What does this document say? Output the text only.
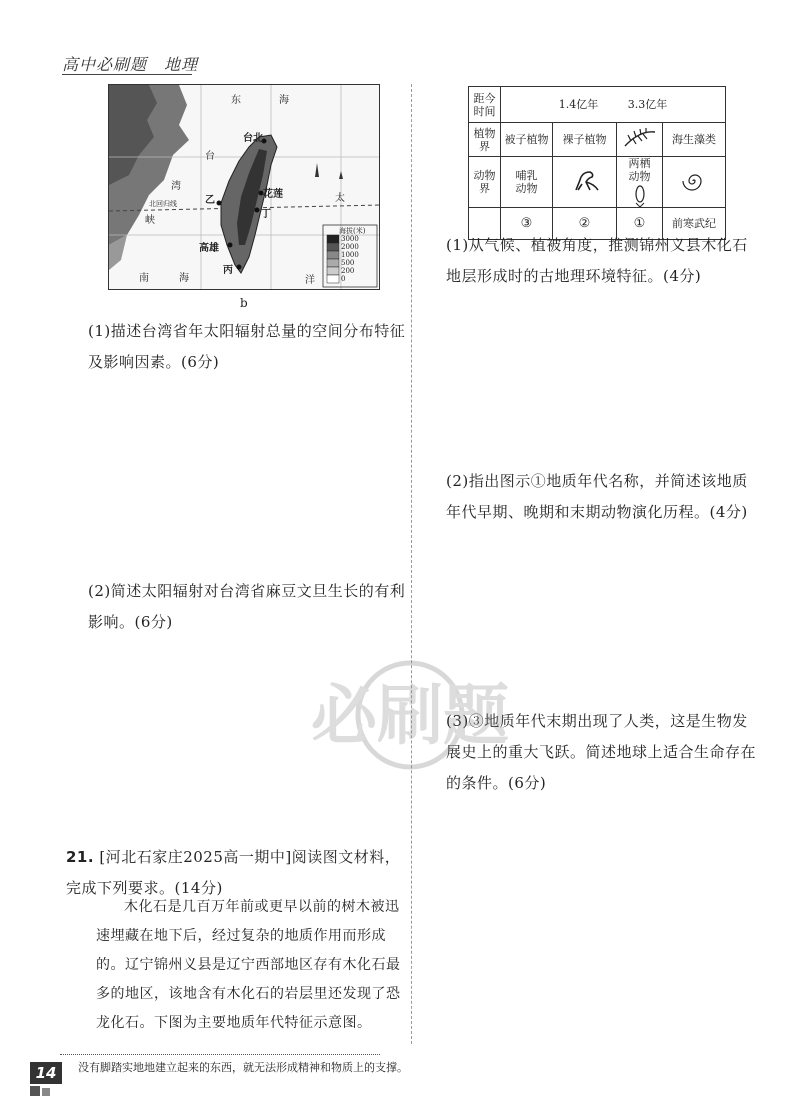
高中必刷题　地理
东	海
台
湾
峡
台北
花莲
高雄
乙
丙
丁
南	海
太
洋
北回归线
海拔(米)
3000
2000
1000
500
200
0
b
(1)描述台湾省年太阳辐射总量的空间分布特征及影响因素。(6分)
(2)简述太阳辐射对台湾省麻豆文旦生长的有利影响。(6分)
距今时间	1.4亿年 3.3亿年			
植物界	被子植物	裸子植物		海生藻类
动物界	哺乳动物		两栖动物	
	③	②	①	前寒武纪
(1)从气候、植被角度，推测锦州义县木化石地层形成时的古地理环境特征。(4分)
(2)指出图示①地质年代名称，并简述该地质年代早期、晚期和末期动物演化历程。(4分)
(3)③地质年代末期出现了人类，这是生物发展史上的重大飞跃。简述地球上适合生命存在的条件。(6分)
必刷题
21. [河北石家庄2025高一期中]阅读图文材料，完成下列要求。(14分)
木化石是几百万年前或更早以前的树木被迅速埋藏在地下后，经过复杂的地质作用而形成的。辽宁锦州义县是辽宁西部地区存有木化石最多的地区，该地含有木化石的岩层里还发现了恐龙化石。下图为主要地质年代特征示意图。
14	没有脚踏实地地建立起来的东西，就无法形成精神和物质上的支撑。
